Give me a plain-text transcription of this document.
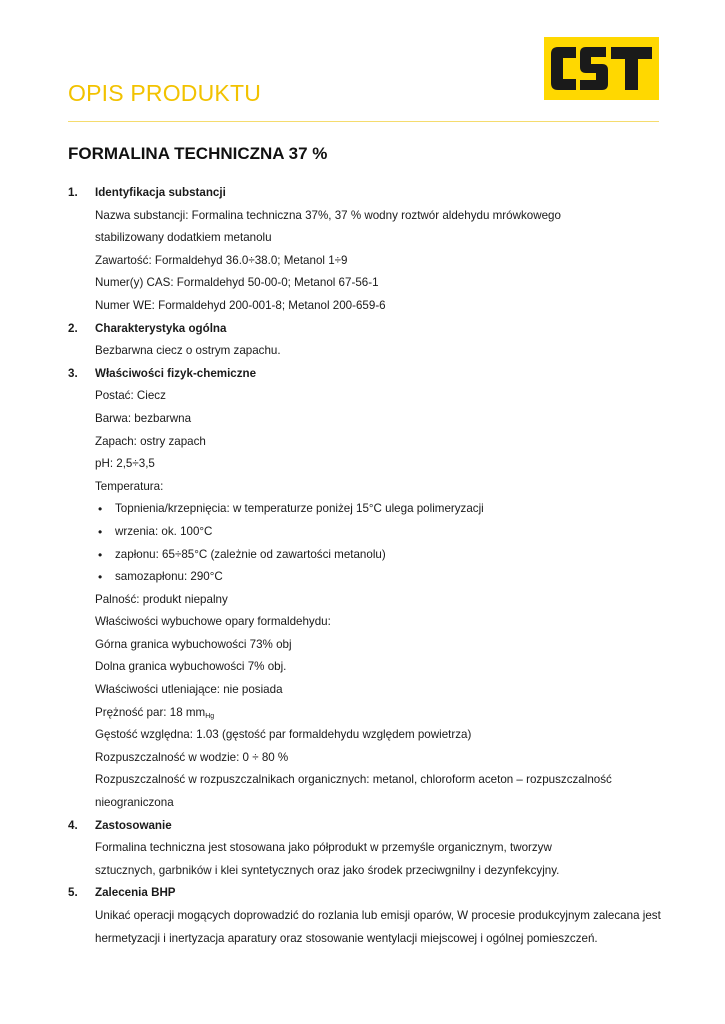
OPIS PRODUKTU
FORMALINA TECHNICZNA 37 %
1. Identyfikacja substancji
Nazwa substancji: Formalina techniczna 37%, 37 % wodny roztwór aldehydu mrówkowego
stabilizowany dodatkiem metanolu
Zawartość: Formaldehyd 36.0÷38.0; Metanol 1÷9
Numer(y) CAS: Formaldehyd 50-00-0; Metanol 67-56-1
Numer WE: Formaldehyd 200-001-8; Metanol 200-659-6
2. Charakterystyka ogólna
Bezbarwna ciecz o ostrym zapachu.
3. Właściwości fizyk-chemiczne
Postać: Ciecz
Barwa: bezbarwna
Zapach: ostry zapach
pH: 2,5÷3,5
Temperatura:
• Topnienia/krzepnięcia: w temperaturze poniżej 15°C ulega polimeryzacji
• wrzenia: ok. 100°C
• zapłonu: 65÷85°C (zależnie od zawartości metanolu)
• samozapłonu: 290°C
Palność: produkt niepalny
Właściwości wybuchowe opary formaldehydu:
Górna granica wybuchowości 73% obj
Dolna granica wybuchowości 7% obj.
Właściwości utleniające: nie posiada
Prężność par: 18 $mm_{Hg}$
Gęstość względna: 1.03 (gęstość par formaldehydu względem powietrza)
Rozpuszczalność w wodzie: 0 ÷ 80 %
Rozpuszczalność w rozpuszczalnikach organicznych: metanol, chloroform aceton – rozpuszczalność
nieograniczona
4. Zastosowanie
Formalina techniczna jest stosowana jako półprodukt w przemyśle organicznym, tworzyw
sztucznych, garbników i klei syntetycznych oraz jako środek przeciwgnilny i dezynfekcyjny.
5. Zalecenia BHP
Unikać operacji mogących doprowadzić do rozlania lub emisji oparów, W procesie produkcyjnym zalecana jest
hermetyzacji i inertyzacja aparatury oraz stosowanie wentylacji miejscowej i ogólnej pomieszczeń.
